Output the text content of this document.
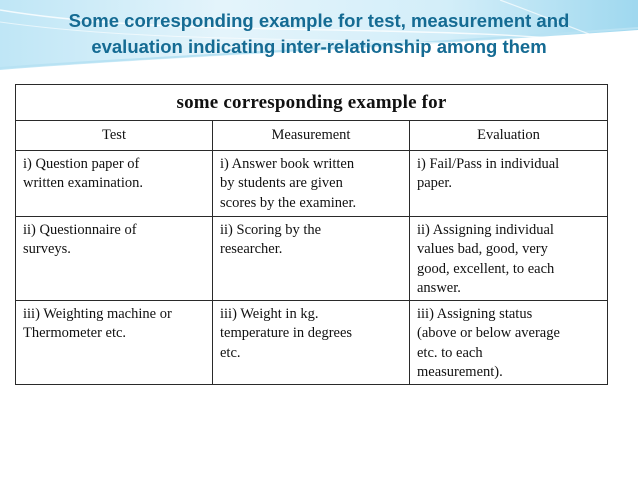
Some corresponding example for test, measurement and
evaluation indicating inter-relationship among them
some corresponding example for		
Test	Measurement	Evaluation

i) Question paper of
written examination.	i) Answer book written
by students are given
scores by the examiner.	i) Fail/Pass in individual
paper.

ii) Questionnaire of
surveys.	ii) Scoring by the
researcher.	ii) Assigning individual
values bad, good, very
good, excellent, to each
answer.

iii) Weighting machine or
Thermometer etc.	iii) Weight in kg.
temperature in degrees
etc.	iii) Assigning status
(above or below average
etc. to each
measurement).
